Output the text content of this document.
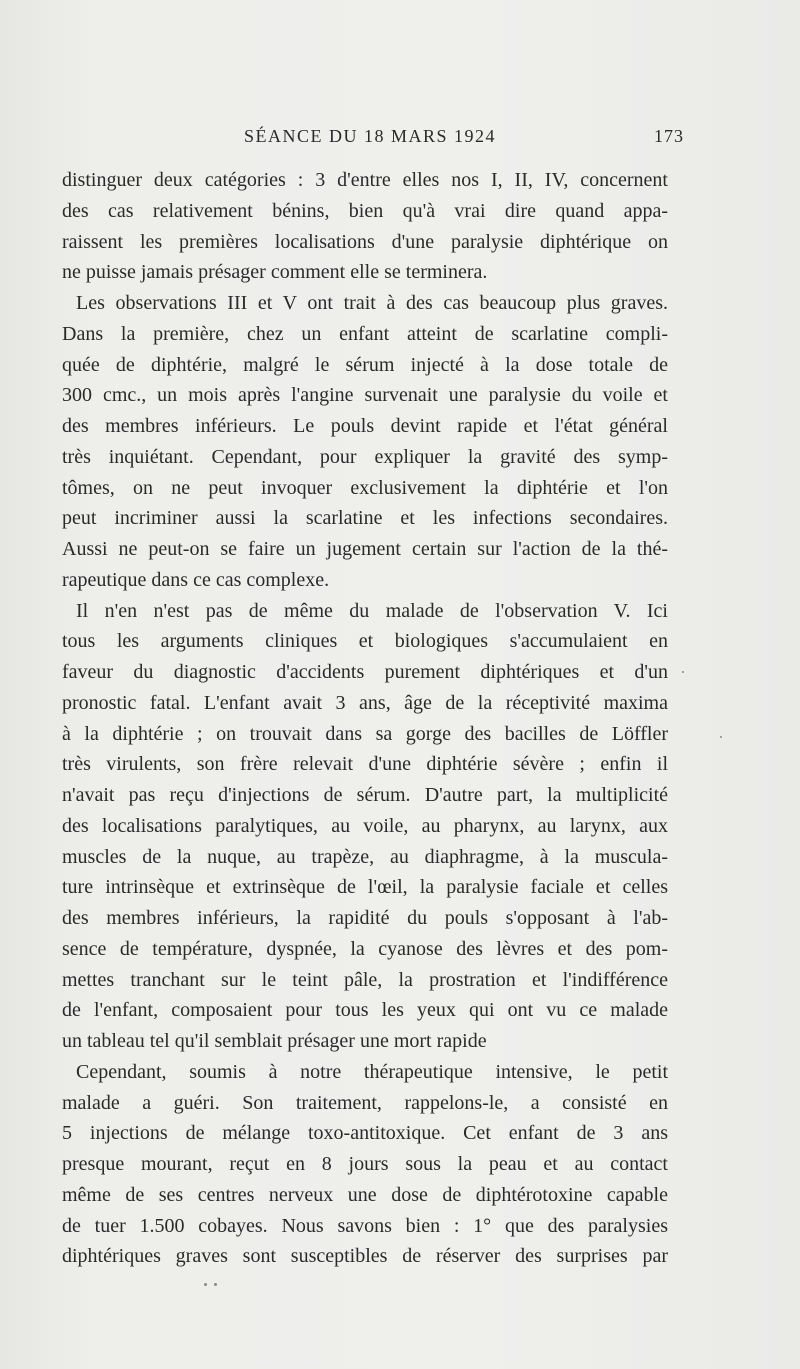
SÉANCE DU 18 MARS 1924	173
distinguer deux catégories : 3 d'entre elles nos I, II, IV, concernent
des cas relativement bénins, bien qu'à vrai dire quand appa-
raissent les premières localisations d'une paralysie diphtérique on
ne puisse jamais présager comment elle se terminera.
Les observations III et V ont trait à des cas beaucoup plus graves.
Dans la première, chez un enfant atteint de scarlatine compli-
quée de diphtérie, malgré le sérum injecté à la dose totale de
300 cmc., un mois après l'angine survenait une paralysie du voile et
des membres inférieurs. Le pouls devint rapide et l'état général
très inquiétant. Cependant, pour expliquer la gravité des symp-
tômes, on ne peut invoquer exclusivement la diphtérie et l'on
peut incriminer aussi la scarlatine et les infections secondaires.
Aussi ne peut-on se faire un jugement certain sur l'action de la thé-
rapeutique dans ce cas complexe.
Il n'en n'est pas de même du malade de l'observation V. Ici
tous les arguments cliniques et biologiques s'accumulaient en
faveur du diagnostic d'accidents purement diphtériques et d'un
pronostic fatal. L'enfant avait 3 ans, âge de la réceptivité maxima
à la diphtérie ; on trouvait dans sa gorge des bacilles de Löffler
très virulents, son frère relevait d'une diphtérie sévère ; enfin il
n'avait pas reçu d'injections de sérum. D'autre part, la multiplicité
des localisations paralytiques, au voile, au pharynx, au larynx, aux
muscles de la nuque, au trapèze, au diaphragme, à la muscula-
ture intrinsèque et extrinsèque de l'œil, la paralysie faciale et celles
des membres inférieurs, la rapidité du pouls s'opposant à l'ab-
sence de température, dyspnée, la cyanose des lèvres et des pom-
mettes tranchant sur le teint pâle, la prostration et l'indifférence
de l'enfant, composaient pour tous les yeux qui ont vu ce malade
un tableau tel qu'il semblait présager une mort rapide
Cependant, soumis à notre thérapeutique intensive, le petit
malade a guéri. Son traitement, rappelons-le, a consisté en
5 injections de mélange toxo-antitoxique. Cet enfant de 3 ans
presque mourant, reçut en 8 jours sous la peau et au contact
même de ses centres nerveux une dose de diphtérotoxine capable
de tuer 1.500 cobayes. Nous savons bien : 1° que des paralysies
diphtériques graves sont susceptibles de réserver des surprises par
